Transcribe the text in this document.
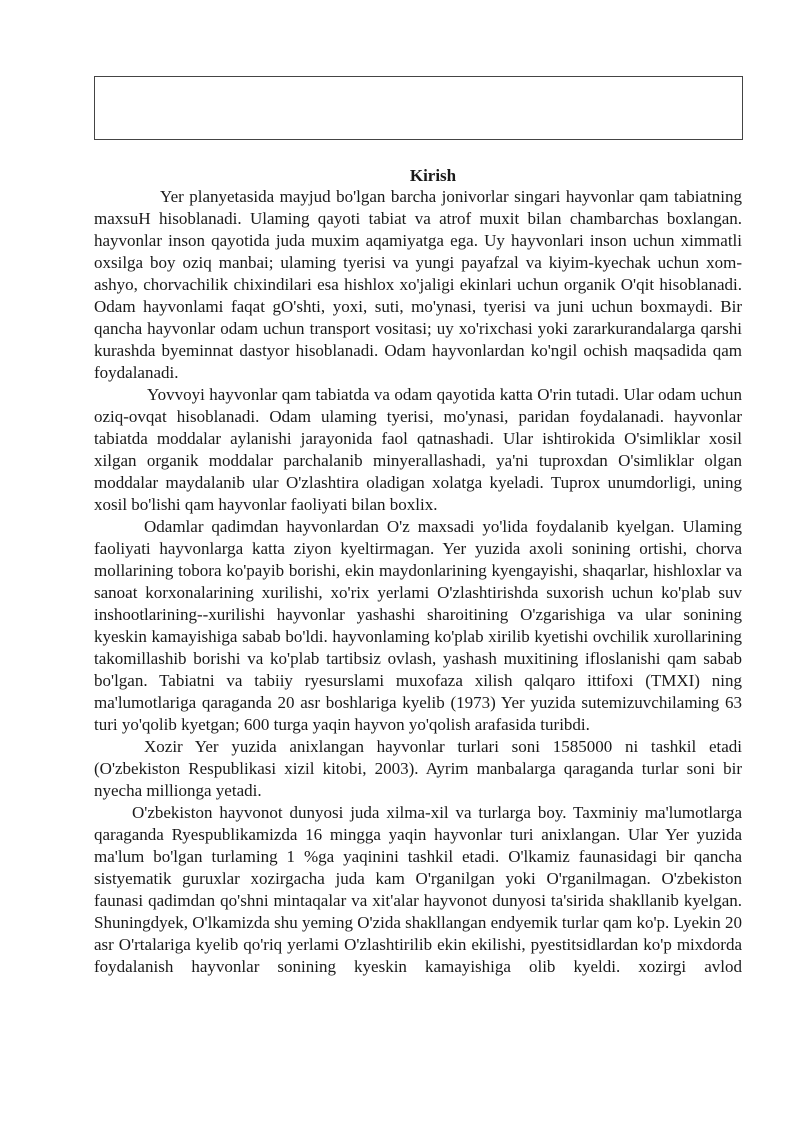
Kirish

Yer planyetasida mayjud bo'lgan barcha jonivorlar singari hayvonlar qam tabiatning maxsuH hisoblanadi. Ulaming qayoti tabiat va atrof muxit bilan chambarchas boxlangan. hayvonlar inson qayotida juda muxim aqamiyatga ega. Uy hayvonlari inson uchun ximmatli oxsilga boy oziq manbai; ulaming tyerisi va yungi payafzal va kiyim-kyechak uchun xom-ashyo, chorvachilik chixindilari esa hishlox xo'jaligi ekinlari uchun organik O'qit hisoblanadi. Odam hayvonlami faqat gO'shti, yoxi, suti, mo'ynasi, tyerisi va juni uchun boxmaydi. Bir qancha hayvonlar odam uchun transport vositasi; uy xo'rixchasi yoki zararkurandalarga qarshi kurashda byeminnat dastyor hisoblanadi. Odam hayvonlardan ko'ngil ochish maqsadida qam foydalanadi.

Yovvoyi hayvonlar qam tabiatda va odam qayotida katta O'rin tutadi. Ular odam uchun oziq-ovqat hisoblanadi. Odam ulaming tyerisi, mo'ynasi, paridan foydalanadi. hayvonlar tabiatda moddalar aylanishi jarayonida faol qatnashadi. Ular ishtirokida O'simliklar xosil xilgan organik moddalar parchalanib minyerallashadi, ya'ni tuproxdan O'simliklar olgan moddalar maydalanib ular O'zlashtira oladigan xolatga kyeladi. Tuprox unumdorligi, uning xosil bo'lishi qam hayvonlar faoliyati bilan boxlix.

Odamlar qadimdan hayvonlardan O'z maxsadi yo'lida foydalanib kyelgan. Ulaming faoliyati hayvonlarga katta ziyon kyeltirmagan. Yer yuzida axoli sonining ortishi, chorva mollarining tobora ko'payib borishi, ekin maydonlarining kyengayishi, shaqarlar, hishloxlar va sanoat korxonalarining xurilishi, xo'rix yerlami O'zlashtirishda suxorish uchun ko'plab suv inshootlarining--xurilishi hayvonlar yashashi sharoitining O'zgarishiga va ular sonining kyeskin kamayishiga sabab bo'ldi. hayvonlaming ko'plab xirilib kyetishi ovchilik xurollarining takomillashib borishi va ko'plab tartibsiz ovlash, yashash muxitining ifloslanishi qam sabab bo'lgan. Tabiatni va tabiiy ryesurslami muxofaza xilish qalqaro ittifoxi (TMXI) ning ma'lumotlariga qaraganda 20 asr boshlariga kyelib (1973) Yer yuzida sutemizuvchilaming 63 turi yo'qolib kyetgan; 600 turga yaqin hayvon yo'qolish arafasida turibdi.

Xozir Yer yuzida anixlangan hayvonlar turlari soni 1585000 ni tashkil etadi (O'zbekiston Respublikasi xizil kitobi, 2003). Ayrim manbalarga qaraganda turlar soni bir nyecha millionga yetadi.

O'zbekiston hayvonot dunyosi juda xilma-xil va turlarga boy. Taxminiy ma'lumotlarga qaraganda Ryespublikamizda 16 mingga yaqin hayvonlar turi anixlangan. Ular Yer yuzida ma'lum bo'lgan turlaming 1 %ga yaqinini tashkil etadi. O'lkamiz faunasidagi bir qancha sistyematik guruxlar xozirgacha juda kam O'rganilgan yoki O'rganilmagan. O'zbekiston faunasi qadimdan qo'shni mintaqalar va xit'alar hayvonot dunyosi ta'sirida shakllanib kyelgan. Shuningdyek, O'lkamizda shu yeming O'zida shakllangan endyemik turlar qam ko'p. Lyekin 20 asr O'rtalariga kyelib qo'riq yerlami O'zlashtirilib ekin ekilishi, pyestitsidlardan ko'p mixdorda foydalanish hayvonlar sonining kyeskin kamayishiga olib kyeldi. xozirgi avlod
